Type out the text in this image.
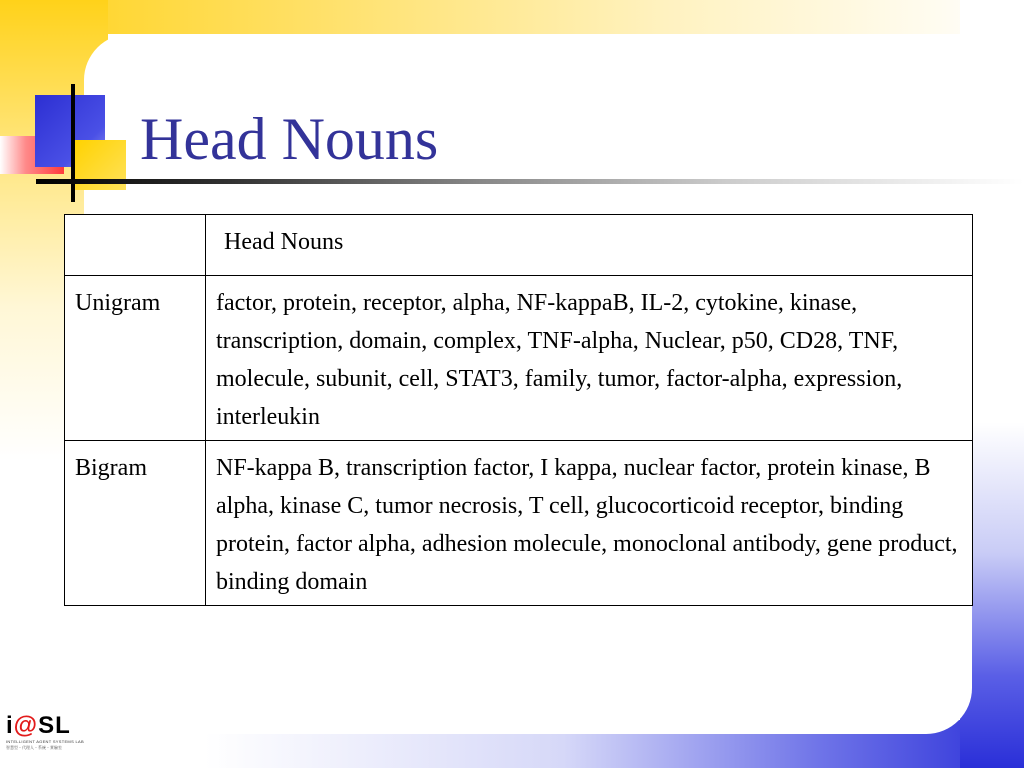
Head Nouns
	Head Nouns
Unigram	factor, protein, receptor, alpha, NF-kappaB, IL-2, cytokine, kinase, transcription, domain, complex, TNF-alpha, Nuclear, p50, CD28, TNF, molecule, subunit, cell, STAT3, family, tumor, factor-alpha, expression, interleukin
Bigram	NF-kappa B, transcription factor, I kappa, nuclear factor, protein kinase, B alpha, kinase C, tumor necrosis, T cell, glucocorticoid receptor, binding protein, factor alpha, adhesion molecule, monoclonal antibody, gene product, binding domain
i@SL
INTELLIGENT AGENT SYSTEMS LAB
智慧型・代理人・系統・實驗室
